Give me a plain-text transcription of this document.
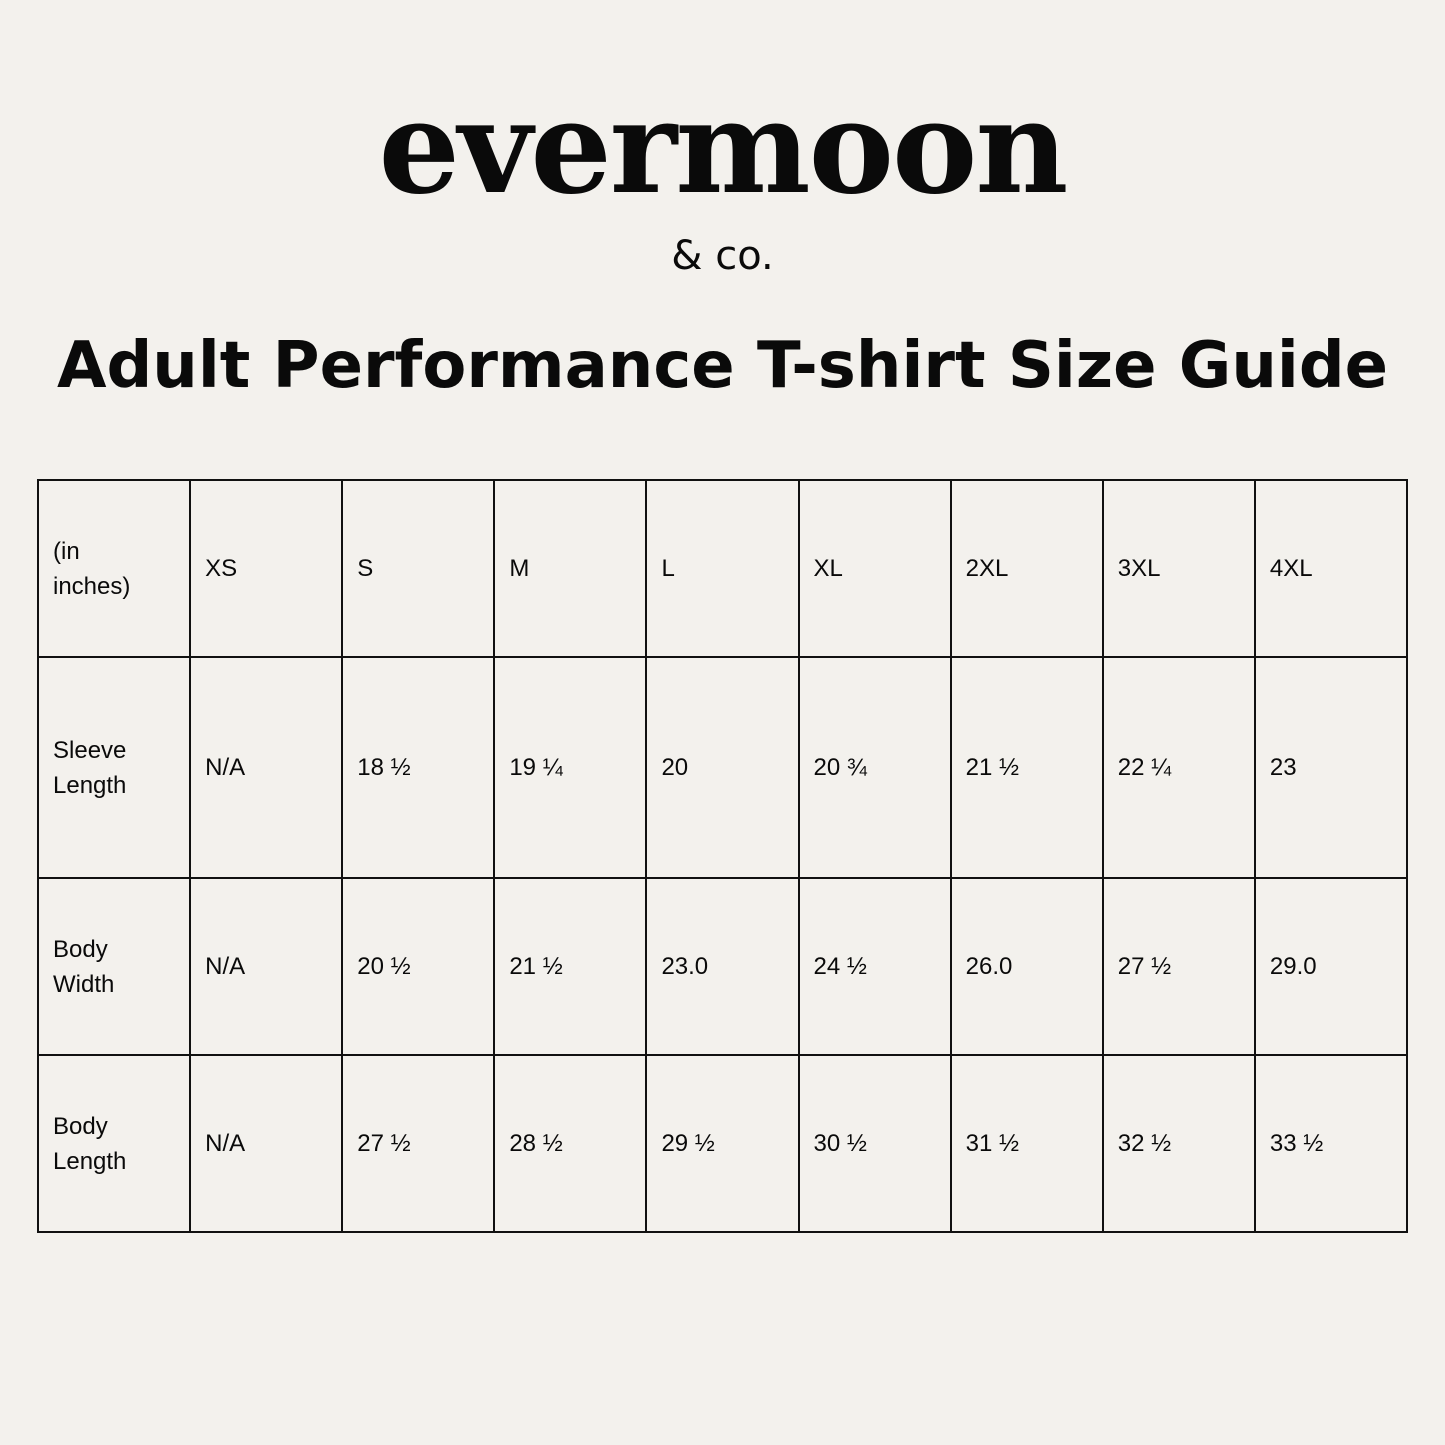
evermoon
& co.
Adult Performance T-shirt Size Guide
(in
inches)	XS	S	M	L	XL	2XL	3XL	4XL
Sleeve
Length	N/A	18 ½	19 ¼	20	20 ¾	21 ½	22 ¼	23
Body
Width	N/A	20 ½	21 ½	23.0	24 ½	26.0	27 ½	29.0
Body
Length	N/A	27 ½	28 ½	29 ½	30 ½	31 ½	32 ½	33 ½
